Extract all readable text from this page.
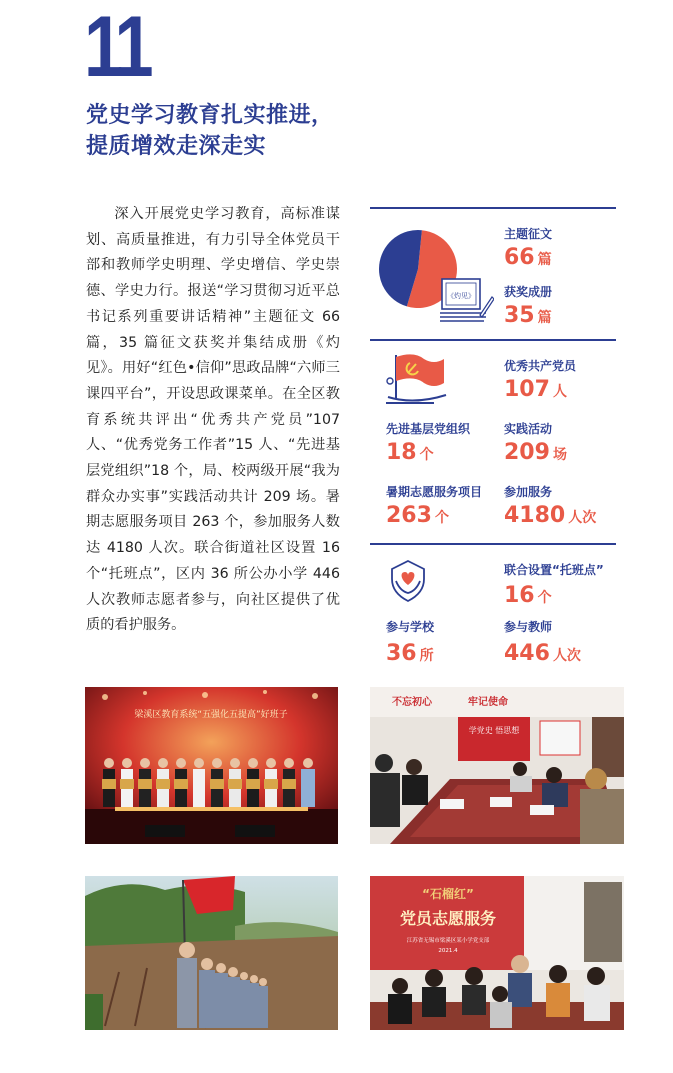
11
党史学习教育扎实推进，
提质增效走深走实

深入开展党史学习教育，高标准谋划、高质量推进，有力引导全体党员干部和教师学史明理、学史增信、学史崇德、学史力行。报送“学习贯彻习近平总书记系列重要讲话精神”主题征文 66 篇，35 篇征文获奖并集结成册《灼见》。用好“红色•信仰”思政品牌“六师三课四平台”，开设思政课菜单。在全区教育系统共评出“优秀共产党员”107 人、“优秀党务工作者”15 人、“先进基层党组织”18 个，局、校两级开展“我为群众办实事”实践活动共计 209 场。暑期志愿服务项目 263 个，参加服务人数达 4180 人次。联合街道社区设置 16 个“托班点”，区内 36 所公办小学 446 人次教师志愿者参与，向社区提供了优质的看护服务。

《灼见》
主题征文
66 篇
获奖成册
35 篇
优秀共产党员
107 人
先进基层党组织
18 个
实践活动
209 场
暑期志愿服务项目
263 个
参加服务
4180 人次
联合设置“托班点”
16 个
参与学校
36 所
参与教师
446 人次
梁溪区教育系统“五强化五提高”好班子
不忘初心	牢记使命
学党史 悟思想
“石榴红”
党员志愿服务
江苏省无锡市梁溪区某小学党支部
2021.4
